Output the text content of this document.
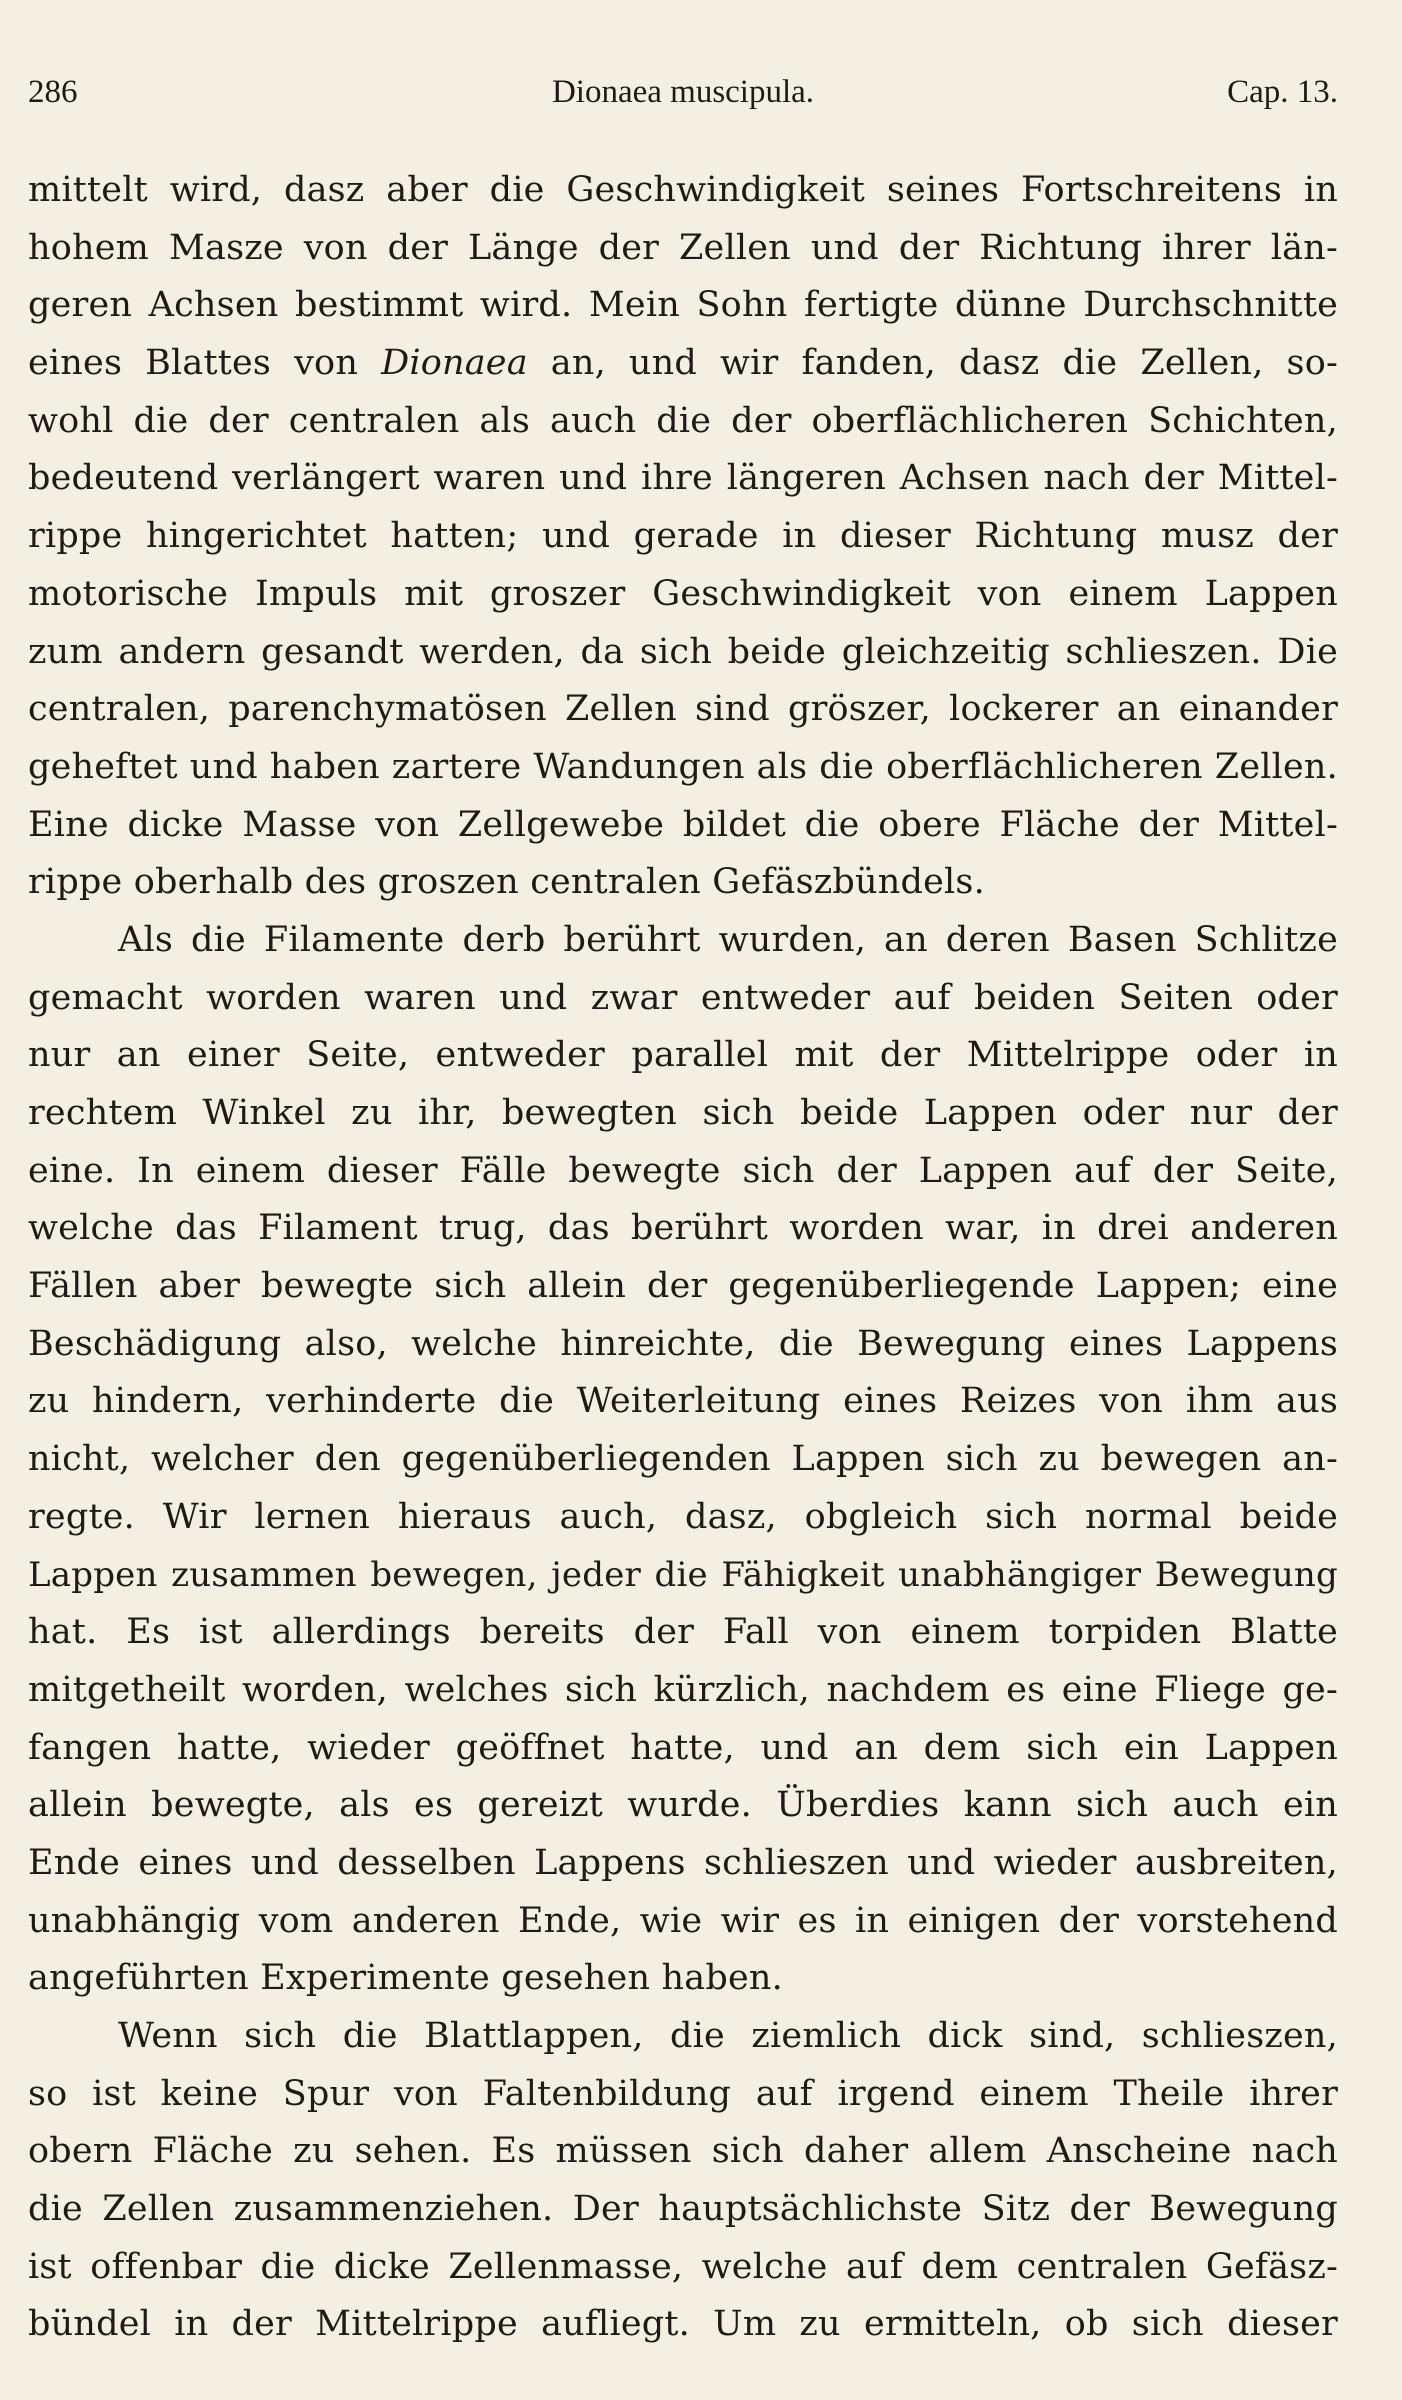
286	Dionaea muscipula.	Cap. 13.
mittelt wird, dasz aber die Geschwindigkeit seines Fortschreitens in
hohem Masze von der Länge der Zellen und der Richtung ihrer län-
geren Achsen bestimmt wird. Mein Sohn fertigte dünne Durchschnitte
eines Blattes von Dionaea an, und wir fanden, dasz die Zellen, so-
wohl die der centralen als auch die der oberflächlicheren Schichten,
bedeutend verlängert waren und ihre längeren Achsen nach der Mittel-
rippe hingerichtet hatten; und gerade in dieser Richtung musz der
motorische Impuls mit groszer Geschwindigkeit von einem Lappen
zum andern gesandt werden, da sich beide gleichzeitig schlieszen. Die
centralen, parenchymatösen Zellen sind gröszer, lockerer an einander
geheftet und haben zartere Wandungen als die oberflächlicheren Zellen.
Eine dicke Masse von Zellgewebe bildet die obere Fläche der Mittel-
rippe oberhalb des groszen centralen Gefäszbündels.
Als die Filamente derb berührt wurden, an deren Basen Schlitze
gemacht worden waren und zwar entweder auf beiden Seiten oder
nur an einer Seite, entweder parallel mit der Mittelrippe oder in
rechtem Winkel zu ihr, bewegten sich beide Lappen oder nur der
eine. In einem dieser Fälle bewegte sich der Lappen auf der Seite,
welche das Filament trug, das berührt worden war, in drei anderen
Fällen aber bewegte sich allein der gegenüberliegende Lappen; eine
Beschädigung also, welche hinreichte, die Bewegung eines Lappens
zu hindern, verhinderte die Weiterleitung eines Reizes von ihm aus
nicht, welcher den gegenüberliegenden Lappen sich zu bewegen an-
regte. Wir lernen hieraus auch, dasz, obgleich sich normal beide
Lappen zusammen bewegen, jeder die Fähigkeit unabhängiger Bewegung
hat. Es ist allerdings bereits der Fall von einem torpiden Blatte
mitgetheilt worden, welches sich kürzlich, nachdem es eine Fliege ge-
fangen hatte, wieder geöffnet hatte, und an dem sich ein Lappen
allein bewegte, als es gereizt wurde. Überdies kann sich auch ein
Ende eines und desselben Lappens schlieszen und wieder ausbreiten,
unabhängig vom anderen Ende, wie wir es in einigen der vorstehend
angeführten Experimente gesehen haben.
Wenn sich die Blattlappen, die ziemlich dick sind, schlieszen,
so ist keine Spur von Faltenbildung auf irgend einem Theile ihrer
obern Fläche zu sehen. Es müssen sich daher allem Anscheine nach
die Zellen zusammenziehen. Der hauptsächlichste Sitz der Bewegung
ist offenbar die dicke Zellenmasse, welche auf dem centralen Gefäsz-
bündel in der Mittelrippe aufliegt. Um zu ermitteln, ob sich dieser
